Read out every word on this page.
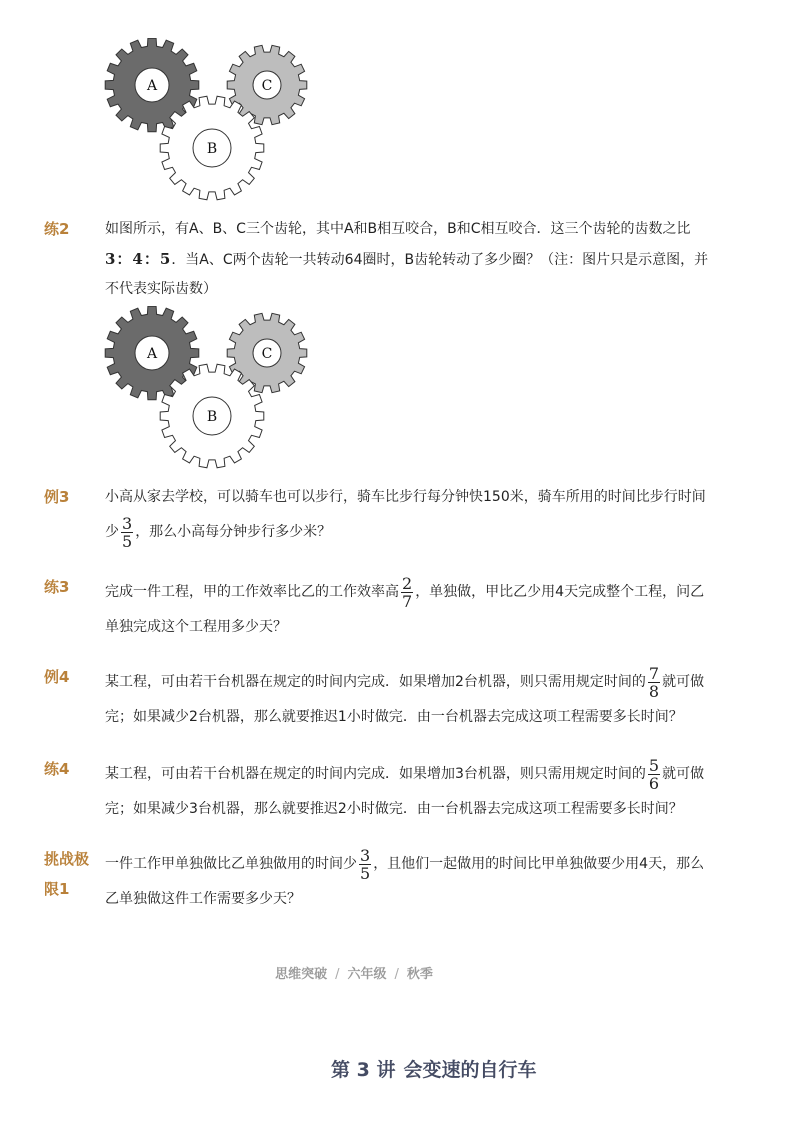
A	C
B
A	C
B
练2	如图所示，有A、B、C三个齿轮，其中A和B相互咬合，B和C相互咬合．这三个齿轮的齿数之比
3：4：5．当A、C两个齿轮一共转动64圈时，B齿轮转动了多少圈？（注：图片只是示意图，并
不代表实际齿数）
例3	小高从家去学校，可以骑车也可以步行，骑车比步行每分钟快150米，骑车所用的时间比步行时间
少 $\frac{3}{5}$ ，那么小高每分钟步行多少米？
练3	完成一件工程，甲的工作效率比乙的工作效率高 $\frac{2}{7}$ ，单独做，甲比乙少用4天完成整个工程，问乙
单独完成这个工程用多少天？
例4	某工程，可由若干台机器在规定的时间内完成．如果增加2台机器，则只需用规定时间的 $\frac{7}{8}$ 就可做
完；如果减少2台机器，那么就要推迟1小时做完．由一台机器去完成这项工程需要多长时间？
练4	某工程，可由若干台机器在规定的时间内完成．如果增加3台机器，则只需用规定时间的 $\frac{5}{6}$ 就可做
完；如果减少3台机器，那么就要推迟2小时做完．由一台机器去完成这项工程需要多长时间？
挑战极
限1
一件工作甲单独做比乙单独做用的时间少 $\frac{3}{5}$ ，且他们一起做用的时间比甲单独做要少用4天，那么
乙单独做这件工作需要多少天？
思维突破 / 六年级 / 秋季
第 3 讲 会变速的自行车
